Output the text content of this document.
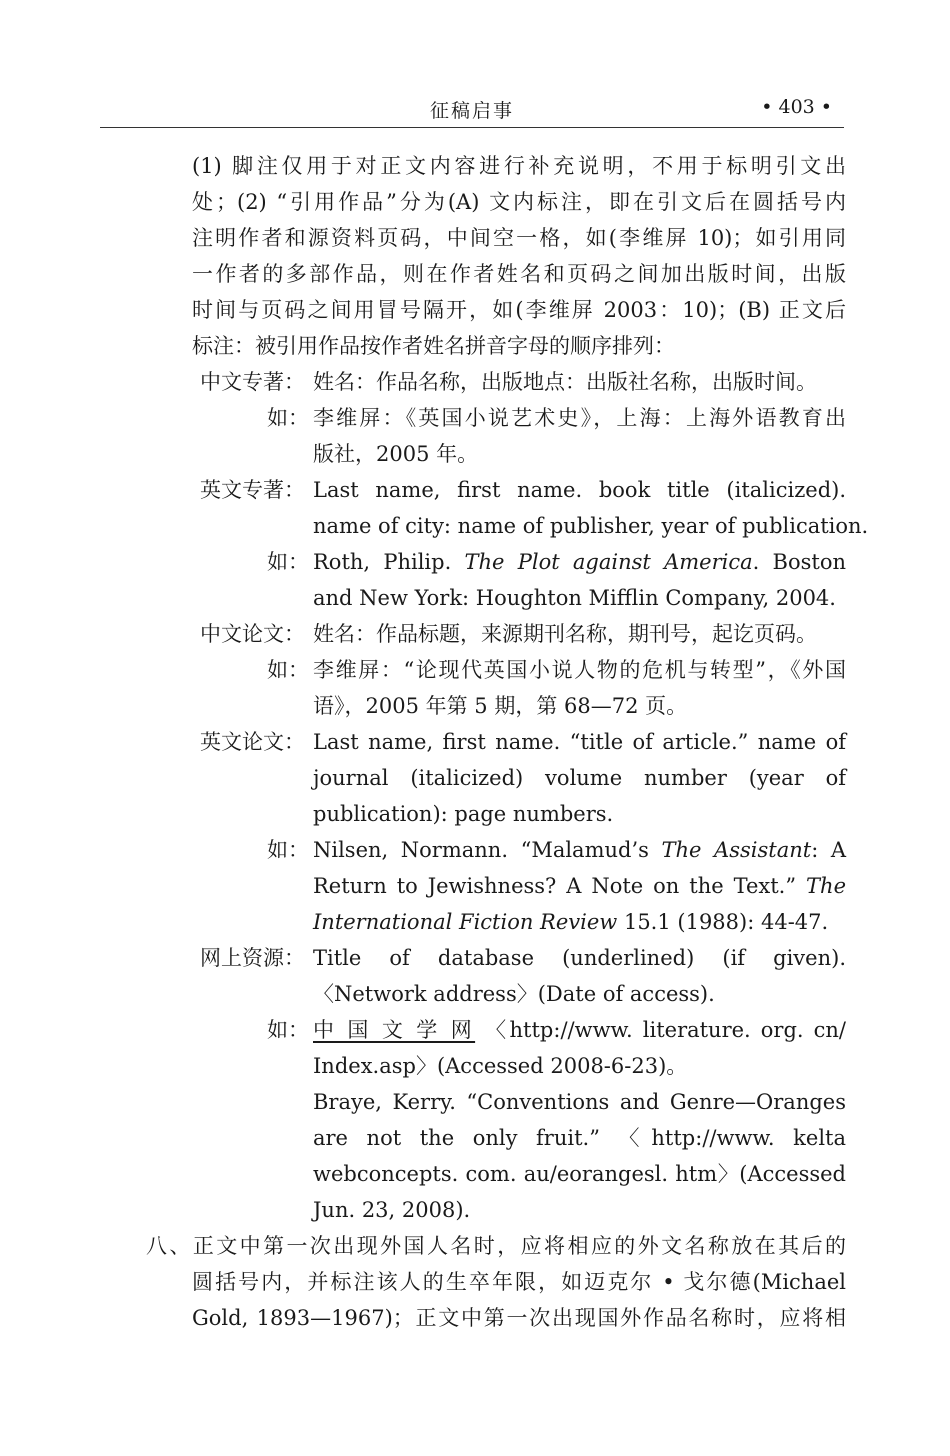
征稿启事	• 403 •
(1) 脚注仅用于对正文内容进行补充说明，不用于标明引文出
处；(2) “引用作品”分为(A) 文内标注，即在引文后在圆括号内
注明作者和源资料页码，中间空一格，如(李维屏 10)；如引用同
一作者的多部作品，则在作者姓名和页码之间加出版时间，出版
时间与页码之间用冒号隔开，如(李维屏 2003：10)；(B) 正文后
标注：被引用作品按作者姓名拼音字母的顺序排列：
中文专著： 姓名：作品名称，出版地点：出版社名称，出版时间。
如： 李维屏：《英国小说艺术史》，上海：上海外语教育出
版社，2005 年。
英文专著： Last name, first name. book title (italicized).
name of city: name of publisher, year of publication.
如： Roth, Philip. The Plot against America. Boston
and New York: Houghton Mifflin Company, 2004.
中文论文： 姓名：作品标题，来源期刊名称，期刊号，起讫页码。
如： 李维屏：“论现代英国小说人物的危机与转型”，《外国
语》，2005 年第 5 期，第 68—72 页。
英文论文： Last name, first name. “title of article.” name of
journal (italicized) volume number (year of
publication): page numbers.
如： Nilsen, Normann. “Malamud’s The Assistant: A
Return to Jewishness? A Note on the Text.” The
International Fiction Review 15.1 (1988): 44-47.
网上资源： Title of database (underlined) (if given).
〈Network address〉(Date of access).
如： 中 国 文 学 网 〈http://www. literature. org. cn/
Index.asp〉(Accessed 2008-6-23)。
Braye, Kerry. “Conventions and Genre—Oranges
are not the only fruit.” 〈http://www. kelta
webconcepts. com. au/eorangesl. htm〉(Accessed
Jun. 23, 2008).
八、正文中第一次出现外国人名时，应将相应的外文名称放在其后的
圆括号内，并标注该人的生卒年限，如迈克尔 • 戈尔德(Michael
Gold, 1893—1967)；正文中第一次出现国外作品名称时，应将相
